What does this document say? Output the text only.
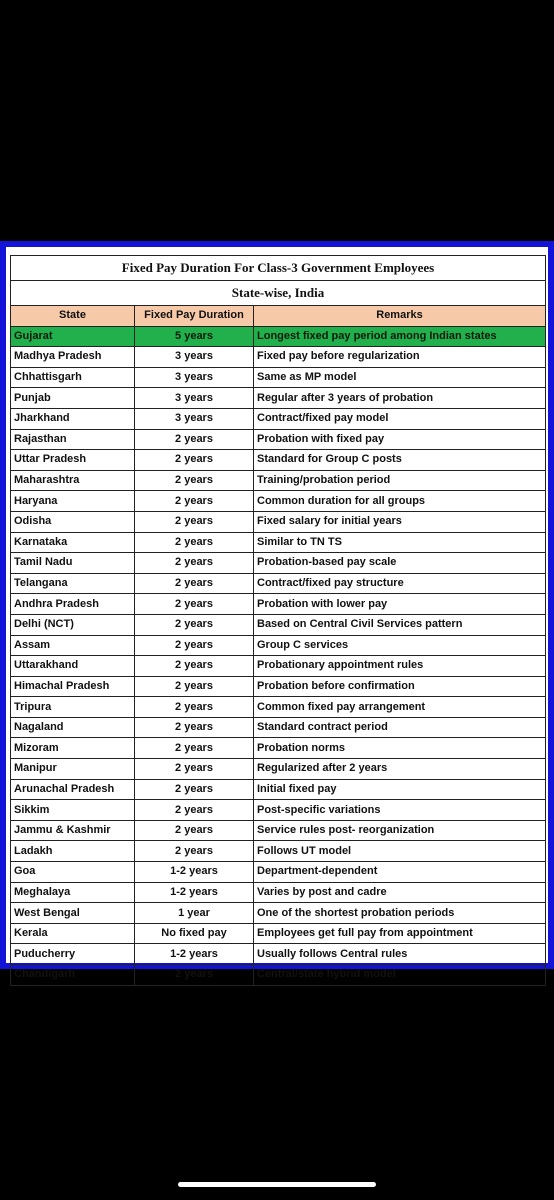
Fixed Pay Duration For Class-3 Government Employees		
State-wise, India		
State	Fixed Pay Duration	Remarks
Gujarat	5 years	Longest fixed pay period among Indian states
Madhya Pradesh	3 years	Fixed pay before regularization
Chhattisgarh	3 years	Same as MP model
Punjab	3 years	Regular after 3 years of probation
Jharkhand	3 years	Contract/fixed pay model
Rajasthan	2 years	Probation with fixed pay
Uttar Pradesh	2 years	Standard for Group C posts
Maharashtra	2 years	Training/probation period
Haryana	2 years	Common duration for all groups
Odisha	2 years	Fixed salary for initial years
Karnataka	2 years	Similar to TN TS
Tamil Nadu	2 years	Probation-based pay scale
Telangana	2 years	Contract/fixed pay structure
Andhra Pradesh	2 years	Probation with lower pay
Delhi (NCT)	2 years	Based on Central Civil Services pattern
Assam	2 years	Group C services
Uttarakhand	2 years	Probationary appointment rules
Himachal Pradesh	2 years	Probation before confirmation
Tripura	2 years	Common fixed pay arrangement
Nagaland	2 years	Standard contract period
Mizoram	2 years	Probation norms
Manipur	2 years	Regularized after 2 years
Arunachal Pradesh	2 years	Initial fixed pay
Sikkim	2 years	Post-specific variations
Jammu & Kashmir	2 years	Service rules post- reorganization
Ladakh	2 years	Follows UT model
Goa	1-2 years	Department-dependent
Meghalaya	1-2 years	Varies by post and cadre
West Bengal	1 year	One of the shortest probation periods
Kerala	No fixed pay	Employees get full pay from appointment
Puducherry	1-2 years	Usually follows Central rules
Chandigarh	2 years	Central/state hybrid model
